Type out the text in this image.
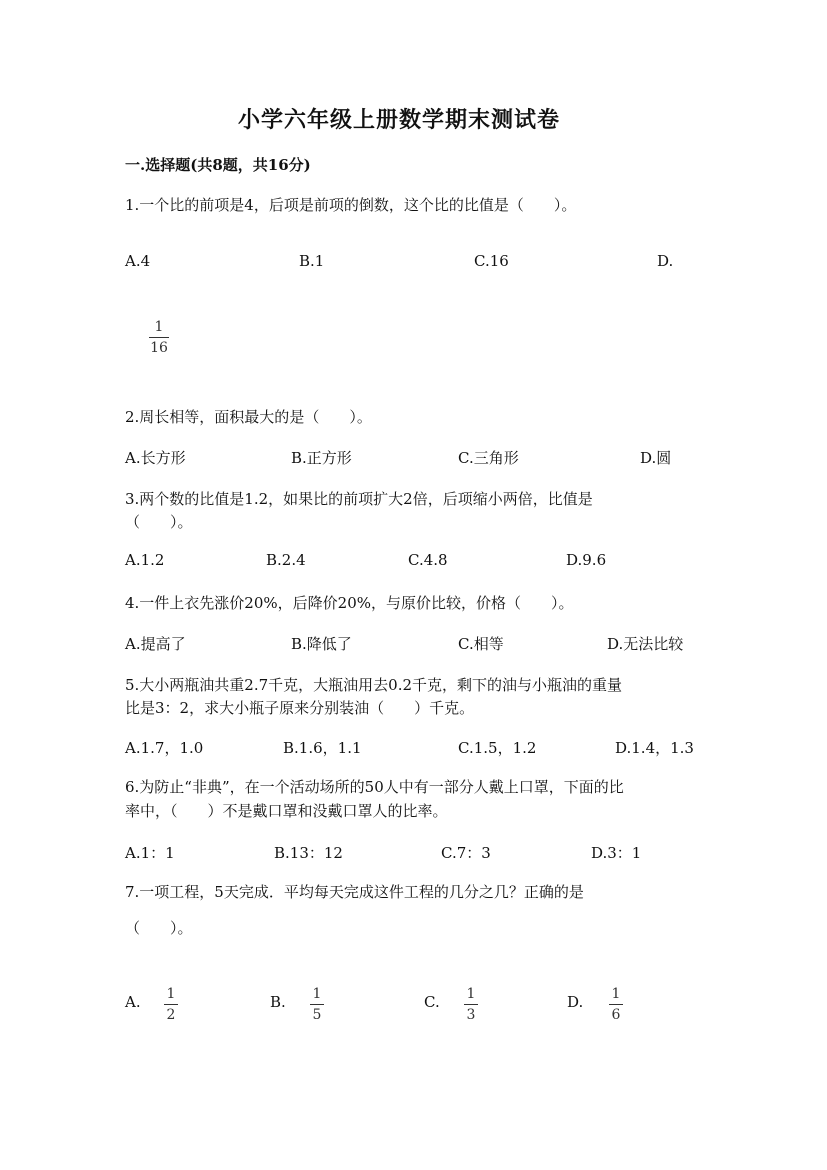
小学六年级上册数学期末测试卷
一.选择题(共8题，共16分)
1.一个比的前项是4，后项是前项的倒数，这个比的比值是（　　）。
A.4	B.1	C.16	D.
1
16
2.周长相等，面积最大的是（　　）。
A.长方形	B.正方形	C.三角形	D.圆
3.两个数的比值是1.2，如果比的前项扩大2倍，后项缩小两倍，比值是
（　　）。
A.1.2	B.2.4	C.4.8	D.9.6
4.一件上衣先涨价20%，后降价20%，与原价比较，价格（　　）。
A.提高了	B.降低了	C.相等	D.无法比较
5.大小两瓶油共重2.7千克，大瓶油用去0.2千克，剩下的油与小瓶油的重量
比是3：2，求大小瓶子原来分别装油（　　）千克。
A.1.7，1.0	B.1.6，1.1	C.1.5，1.2	D.1.4，1.3
6.为防止“非典”，在一个活动场所的50人中有一部分人戴上口罩，下面的比
率中，（　　）不是戴口罩和没戴口罩人的比率。
A.1：1	B.13：12	C.7：3	D.3：1
7.一项工程，5天完成．平均每天完成这件工程的几分之几？正确的是
（　　）。
A. 1
2
B. 1
5
C. 1
3
D. 1
6
